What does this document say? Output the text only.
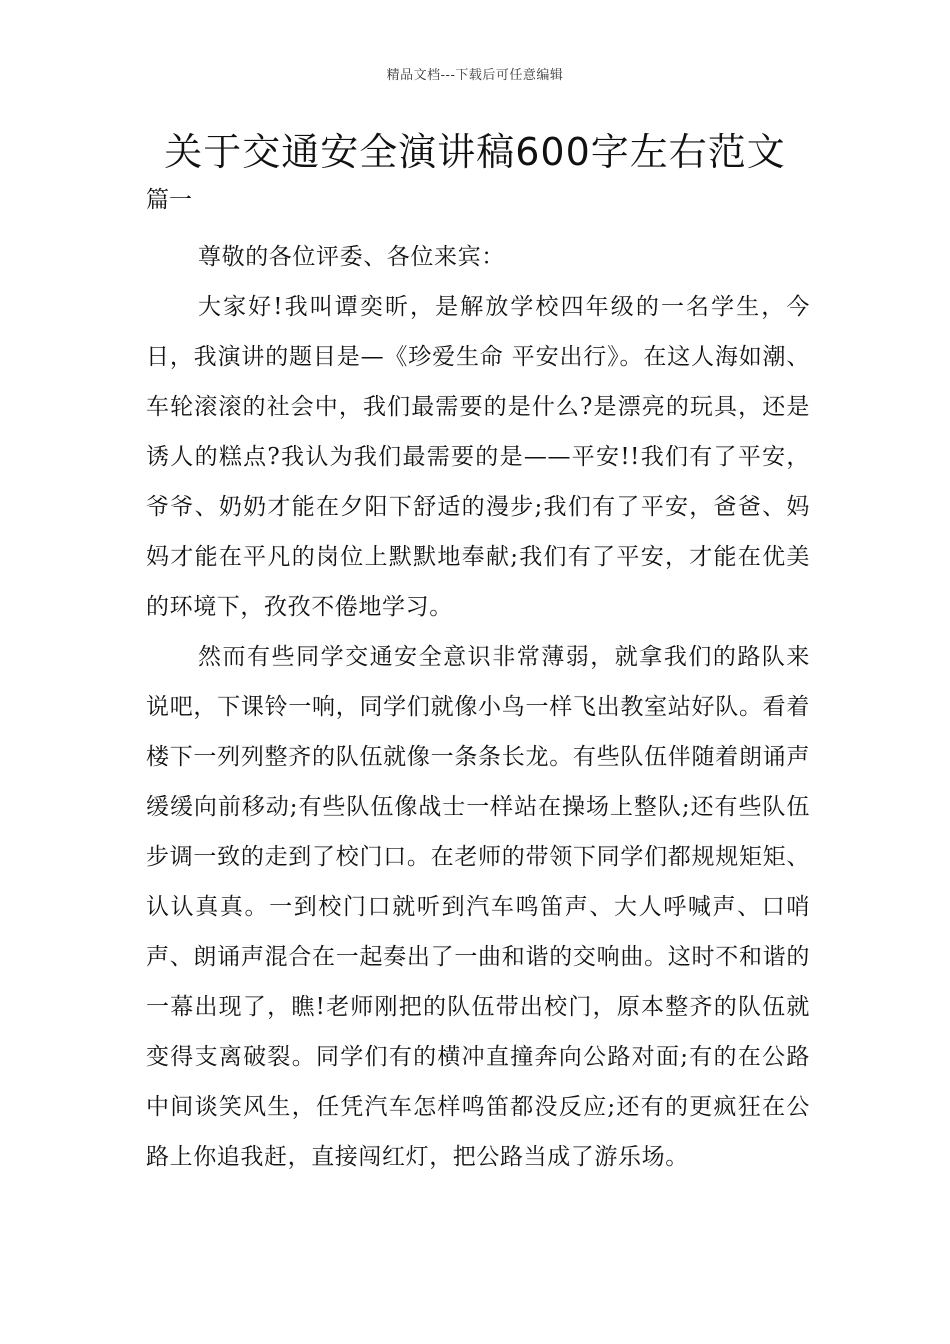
精品文档---下载后可任意编辑
关于交通安全演讲稿600字左右范文
篇一

尊敬的各位评委、各位来宾：

大家好!我叫谭奕昕，是解放学校四年级的一名学生，今日，我演讲的题目是—《珍爱生命 平安出行》。在这人海如潮、车轮滚滚的社会中，我们最需要的是什么?是漂亮的玩具，还是诱人的糕点?我认为我们最需要的是——平安!!我们有了平安，爷爷、奶奶才能在夕阳下舒适的漫步;我们有了平安，爸爸、妈妈才能在平凡的岗位上默默地奉献;我们有了平安，才能在优美的环境下，孜孜不倦地学习。

然而有些同学交通安全意识非常薄弱，就拿我们的路队来说吧，下课铃一响，同学们就像小鸟一样飞出教室站好队。看着楼下一列列整齐的队伍就像一条条长龙。有些队伍伴随着朗诵声缓缓向前移动;有些队伍像战士一样站在操场上整队;还有些队伍步调一致的走到了校门口。在老师的带领下同学们都规规矩矩、认认真真。一到校门口就听到汽车鸣笛声、大人呼喊声、口哨声、朗诵声混合在一起奏出了一曲和谐的交响曲。这时不和谐的一幕出现了，瞧!老师刚把的队伍带出校门，原本整齐的队伍就变得支离破裂。同学们有的横冲直撞奔向公路对面;有的在公路中间谈笑风生，任凭汽车怎样鸣笛都没反应;还有的更疯狂在公路上你追我赶，直接闯红灯，把公路当成了游乐场。
